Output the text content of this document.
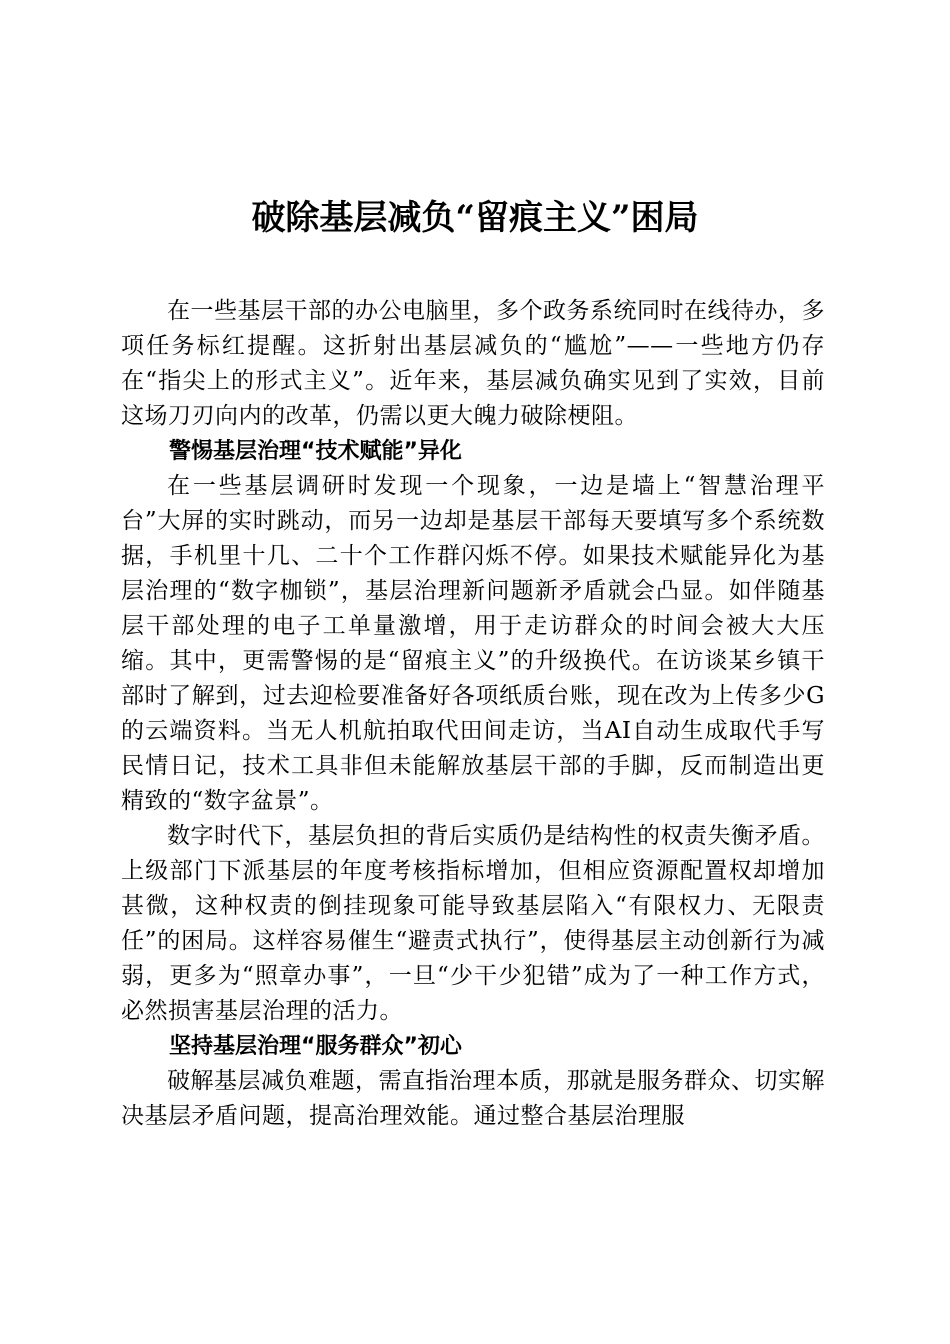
破除基层减负“留痕主义”困局

在一些基层干部的办公电脑里，多个政务系统同时在线待办，多项任务标红提醒。这折射出基层减负的“尴尬”——一些地方仍存在“指尖上的形式主义”。近年来，基层减负确实见到了实效，目前这场刀刃向内的改革，仍需以更大魄力破除梗阻。

警惕基层治理“技术赋能”异化

在一些基层调研时发现一个现象，一边是墙上“智慧治理平台”大屏的实时跳动，而另一边却是基层干部每天要填写多个系统数据，手机里十几、二十个工作群闪烁不停。如果技术赋能异化为基层治理的“数字枷锁”，基层治理新问题新矛盾就会凸显。如伴随基层干部处理的电子工单量激增，用于走访群众的时间会被大大压缩。其中，更需警惕的是“留痕主义”的升级换代。在访谈某乡镇干部时了解到，过去迎检要准备好各项纸质台账，现在改为上传多少G的云端资料。当无人机航拍取代田间走访，当AI自动生成取代手写民情日记，技术工具非但未能解放基层干部的手脚，反而制造出更精致的“数字盆景”。

数字时代下，基层负担的背后实质仍是结构性的权责失衡矛盾。上级部门下派基层的年度考核指标增加，但相应资源配置权却增加甚微，这种权责的倒挂现象可能导致基层陷入“有限权力、无限责任”的困局。这样容易催生“避责式执行”，使得基层主动创新行为减弱，更多为“照章办事”，一旦“少干少犯错”成为了一种工作方式，必然损害基层治理的活力。

坚持基层治理“服务群众”初心

破解基层减负难题，需直指治理本质，那就是服务群众、切实解决基层矛盾问题，提高治理效能。通过整合基层治理服
